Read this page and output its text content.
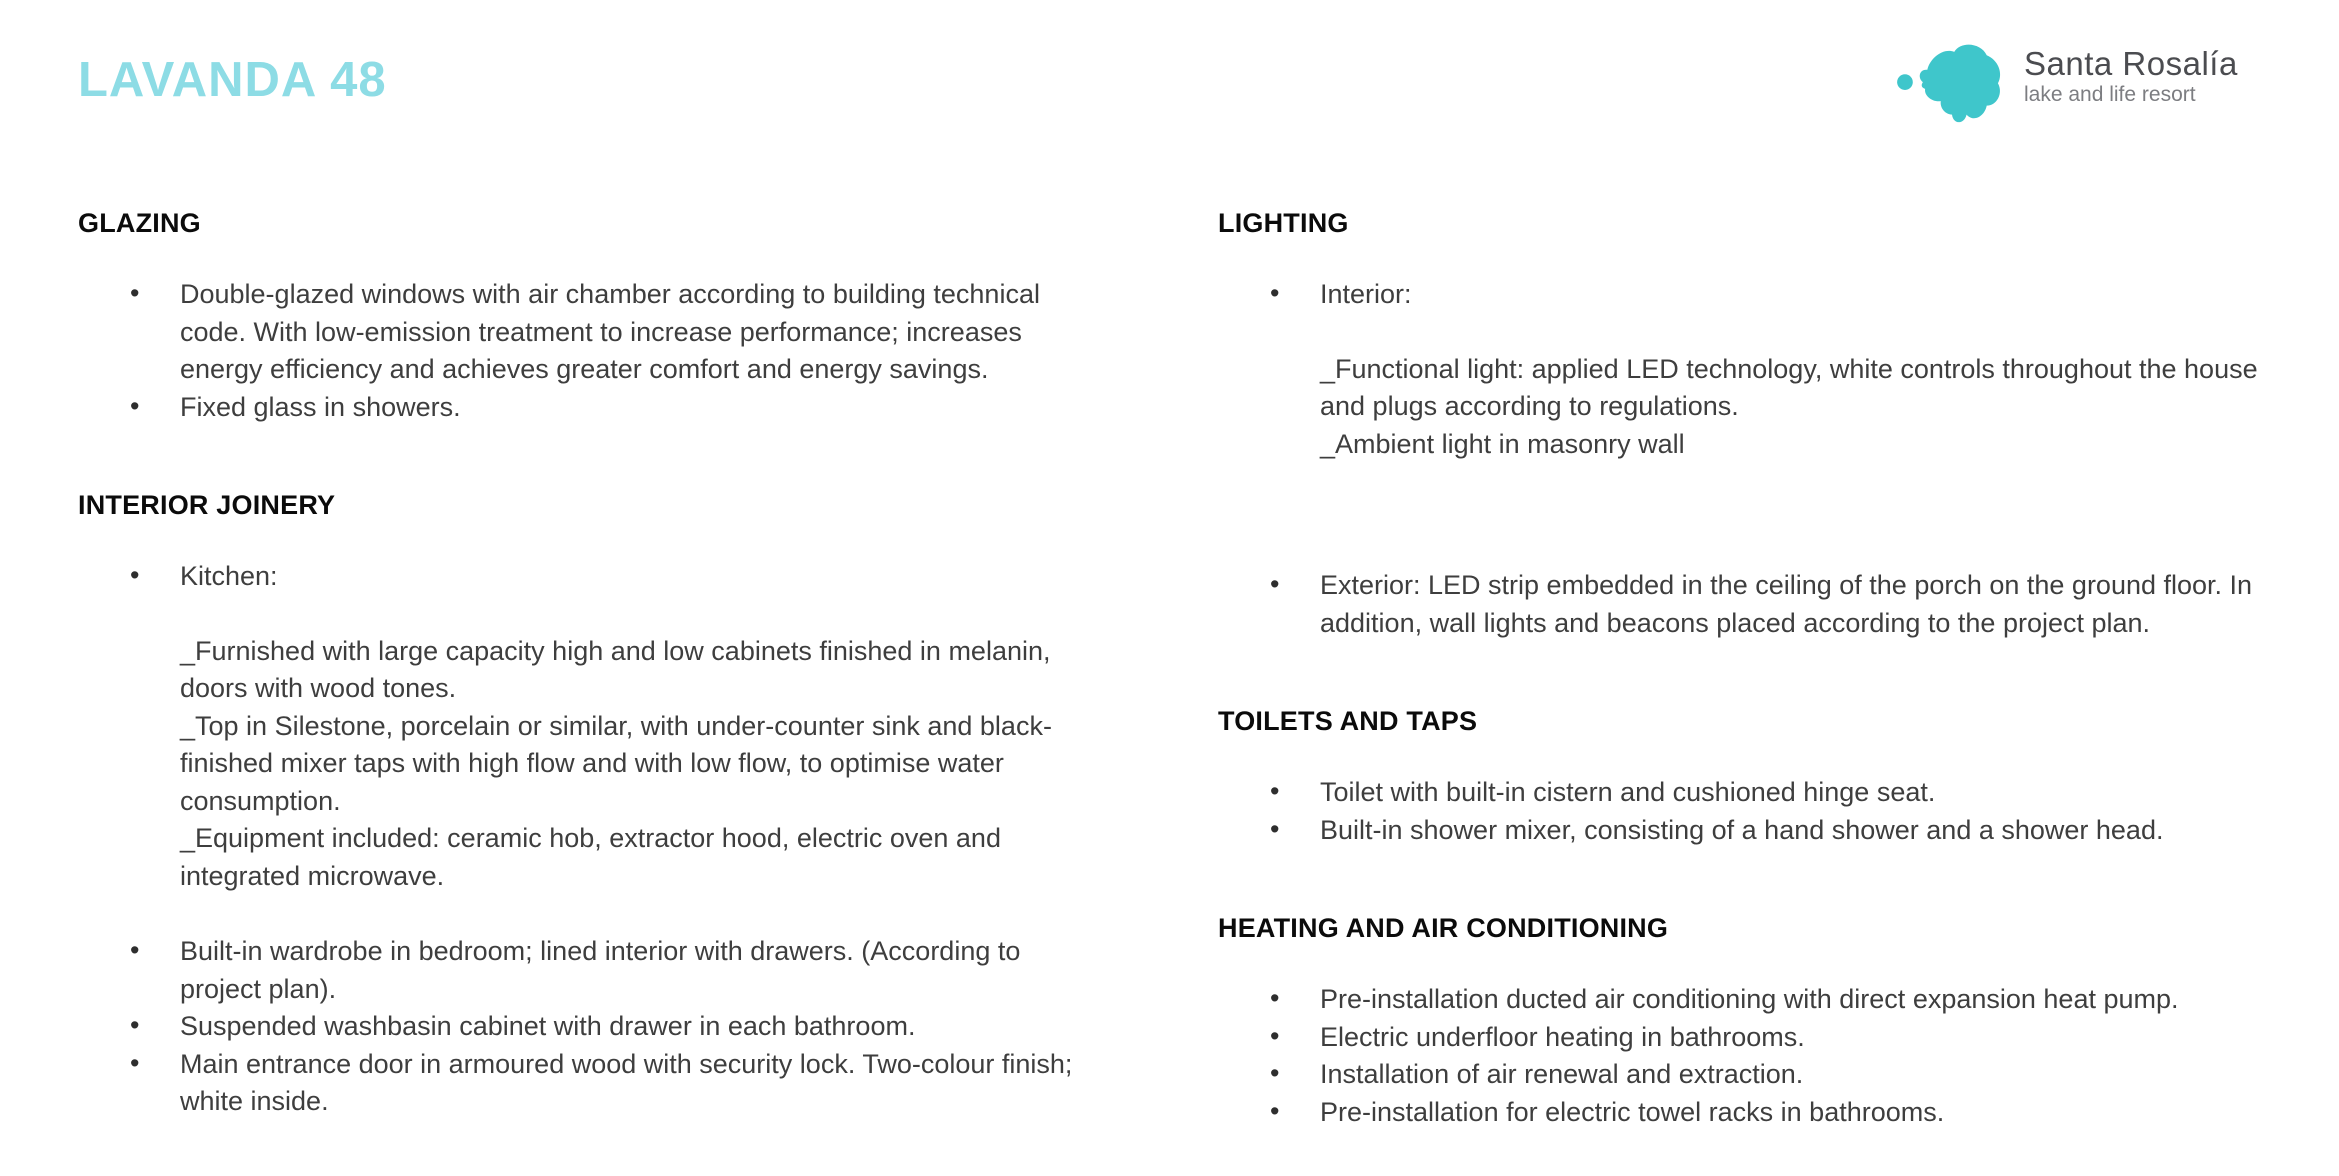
LAVANDA 48	Santa Rosalía
lake and life resort
GLAZING
• Double-glazed windows with air chamber according to building technical code. With low-emission treatment to increase performance; increases energy efficiency and achieves greater comfort and energy savings.
• Fixed glass in showers.
INTERIOR JOINERY
• Kitchen:

_Furnished with large capacity high and low cabinets finished in melanin, doors with wood tones.

_Top in Silestone, porcelain or similar, with under-counter sink and black-finished mixer taps with high flow and with low flow, to optimise water consumption.

_Equipment included: ceramic hob, extractor hood, electric oven and integrated microwave.

• Built-in wardrobe in bedroom; lined interior with drawers. (According to project plan).
• Suspended washbasin cabinet with drawer in each bathroom.
• Main entrance door in armoured wood with security lock. Two-colour finish; white inside.
LIGHTING
• Interior:

_Functional light: applied LED technology, white controls throughout the house and plugs according to regulations.

_Ambient light in masonry wall

• Exterior: LED strip embedded in the ceiling of the porch on the ground floor. In addition, wall lights and beacons placed according to the project plan.
TOILETS AND TAPS
• Toilet with built-in cistern and cushioned hinge seat.
• Built-in shower mixer, consisting of a hand shower and a shower head.
HEATING AND AIR CONDITIONING
• Pre-installation ducted air conditioning with direct expansion heat pump.
• Electric underfloor heating in bathrooms.
• Installation of air renewal and extraction.
• Pre-installation for electric towel racks in bathrooms.
